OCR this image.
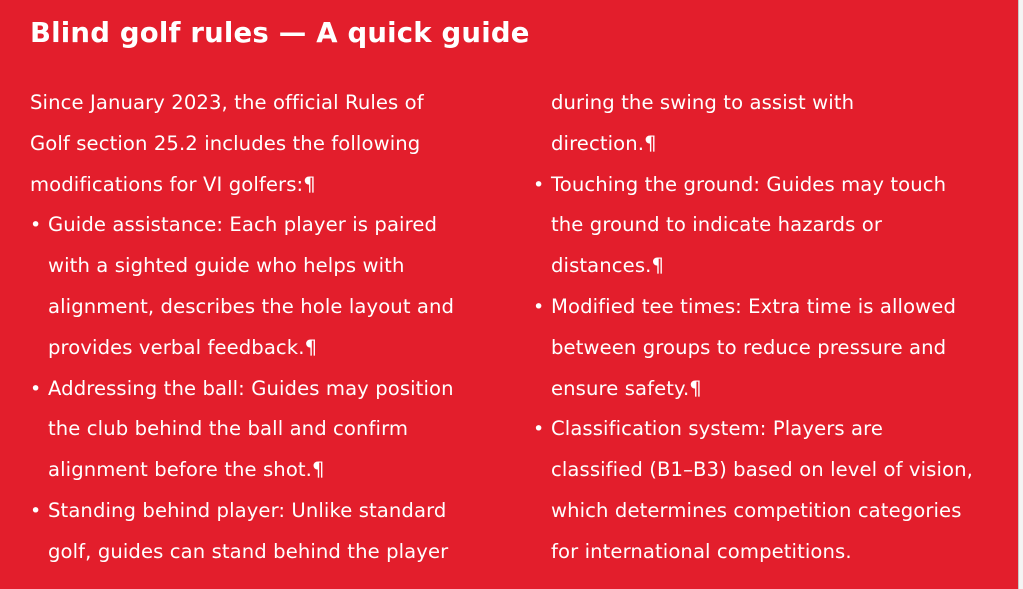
Blind golf rules — A quick guide
Since January 2023, the official Rules of
Golf section 25.2 includes the following
modifications for VI golfers:¶
• Guide assistance: Each player is paired
with a sighted guide who helps with
alignment, describes the hole layout and
provides verbal feedback.¶
• Addressing the ball: Guides may position
the club behind the ball and confirm
alignment before the shot.¶
• Standing behind player: Unlike standard
golf, guides can stand behind the player
during the swing to assist with
direction.¶
• Touching the ground: Guides may touch
the ground to indicate hazards or
distances.¶
• Modified tee times: Extra time is allowed
between groups to reduce pressure and
ensure safety.¶
• Classification system: Players are
classified (B1–B3) based on level of vision,
which determines competition categories
for international competitions.
